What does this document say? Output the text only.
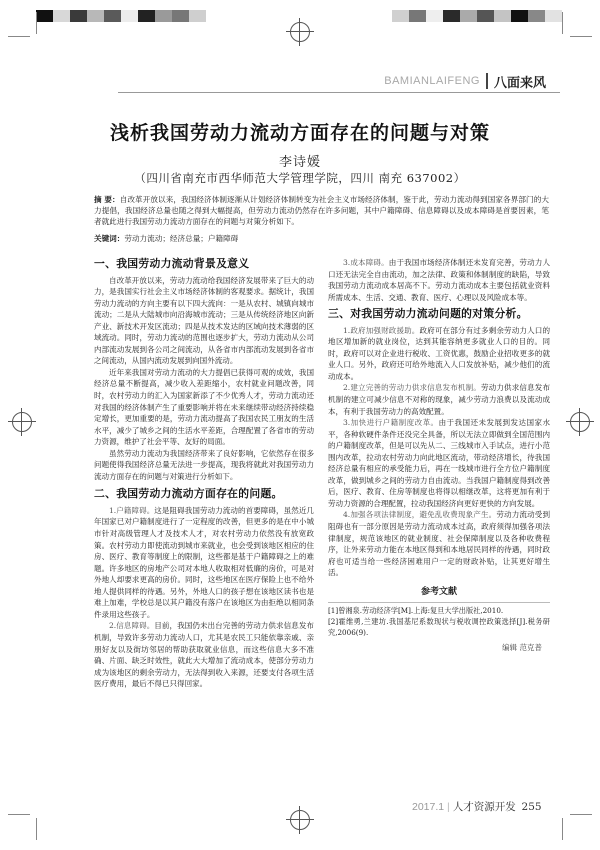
BAMIANLAIFENG 八面来风
浅析我国劳动力流动方面存在的问题与对策
李诗媛
（四川省南充市西华师范大学管理学院，四川 南充 637002）
摘 要：自改革开放以来，我国经济体制逐渐从计划经济体制转变为社会主义市场经济体制，鉴于此，劳动力流动得到国家各界部门的大力提倡，我国经济总量也随之得到大幅提高，但劳动力流动仍然存在许多问题，其中户籍障碍、信息障碍以及成本障碍是首要因素，笔者就此进行我国劳动力流动方面存在的问题与对策分析如下。
关键词：劳动力流动；经济总量；户籍障碍
一、我国劳动力流动背景及意义

自改革开放以来，劳动力流动给我国经济发展带来了巨大的动力，是我国实行社会主义市场经济体制的客观要求。据统计，我国劳动力流动的方向主要有以下四大流向：一是从农村、城镇向城市流动；二是从大陆城市向沿海城市流动；三是从传统经济地区向新产业、新技术开发区流动；四是从技术发达的区域向技术薄弱的区域流动。同时，劳动力流动的范围也逐步扩大，劳动力流动从公司内部流动发展到各公司之间流动，从各省市内部流动发展到各省市之间流动，从国内流动发展到向国外流动。

近年来我国对劳动力流动的大力提倡已获得可观的成效，我国经济总量不断提高，减少收入差距缩小，农村就业问题改善，同时，农村劳动力的汇入为国家新添了不少优秀人才，劳动力流动还对我国的经济体制产生了重要影响并将在未来继续带动经济持续稳定增长，更加重要的是，劳动力流动提高了我国农民工朋友的生活水平，减少了城乡之间的生活水平差距，合理配置了各省市的劳动力资源，维护了社会平等、友好的局面。

虽然劳动力流动为我国经济带来了良好影响，它依然存在很多问题使得我国经济总量无法进一步提高，现我将就此对我国劳动力流动方面存在的问题与对策进行分析如下。

二、我国劳动力流动方面存在的问题。

1.户籍障碍。这是阻碍我国劳动力流动的首要障碍，虽然近几年国家已对户籍制度进行了一定程度的改善，但更多的是在中小城市针对高级管理人才及技术人才，对农村劳动力依然没有放宽政策。农村劳动力即使流动到城市来就业，也会受到该地区相应的住房、医疗、教育等制度上的限制，这些都是基于户籍障碍之上的难题。许多地区的房地产公司对本地人收取相对低廉的房价，可是对外地人却要求更高的房价。同时，这些地区在医疗保险上也不给外地人提供同样的待遇。另外，外地人口的孩子想在该地区读书也是难上加难，学校总是以其户籍没有落户在该地区为由拒绝以相同条件录用这些孩子。

2.信息障碍。目前，我国仍未出台完善的劳动力供求信息发布机制，导致许多劳动力流动人口，尤其是农民工只能依靠亲戚、亲朋好友以及街坊邻居的帮助获取就业信息，而这些信息大多不准确、片面、缺乏时效性，就此大大增加了流动成本，使部分劳动力成为该地区的剩余劳动力，无法得到收入来源，还要支付各项生活医疗费用，最后不得已只得回家。

3.成本障碍。由于我国市场经济体制还未发育完善，劳动力人口还无法完全自由流动，加之法律、政策和体制制度的缺陷，导致我国劳动力流动成本居高不下。劳动力流动成本主要包括就业资料所需成本、生活、交通、教育、医疗、心理以及风险成本等。

三、对我国劳动力流动问题的对策分析。

1.政府加强财政援助。政府可在部分有过多剩余劳动力人口的地区增加新的就业岗位，达到其能容纳更多就业人口的目的。同时，政府可以对企业进行税收、工资优惠，鼓励企业招收更多的就业人口。另外，政府还可给外地流入人口发放补贴，减少他们的流动成本。

2.建立完善的劳动力供求信息发布机制。劳动力供求信息发布机制的建立可减少信息不对称的现象，减少劳动力浪费以及流动成本，有利于我国劳动力的高效配置。

3.加快进行户籍制度改革。由于我国还未发展到发达国家水平，各种软硬件条件还没完全具备，所以无法立即做到全国范围内的户籍制度改革，但是可以先从二、三线城市入手试点，进行小范围内改革，拉动农村劳动力向此地区流动，带动经济增长，待我国经济总量有相应的承受能力后，再在一线城市进行全方位户籍制度改革，做到城乡之间的劳动力自由流动。当我国户籍制度得到改善后，医疗、教育、住房等制度也将得以相继改革，这将更加有利于劳动力资源的合理配置，拉动我国经济向更好更快的方向发展。

4.加强各项法律制度，避免乱收费现象产生。劳动力流动受到阻碍也有一部分原因是劳动力流动成本过高，政府须得加强各项法律制度，规范该地区的就业制度、社会保障制度以及各种收费程序，让外来劳动力能在本地区得到和本地居民同样的待遇，同时政府也可适当给一些经济困难用户一定的财政补贴，让其更好增生活。

参考文献
[1]曾湘泉.劳动经济学[M].上海:复旦大学出版社,2010.
[2]霍维勇,兰建坊.我国基尼系数现状与税收调控政策选择[J].税务研究,2006(9).
编辑 范克普
2017.1 | 人才资源开发 255
